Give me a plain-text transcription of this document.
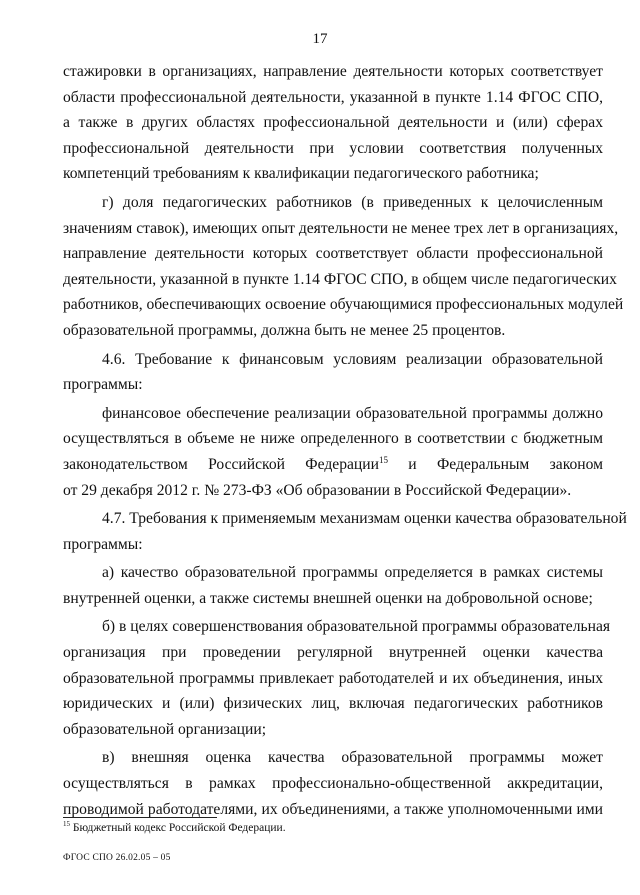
17
стажировки в организациях, направление деятельности которых соответствует
области профессиональной деятельности, указанной в пункте 1.14 ФГОС СПО,
а также в других областях профессиональной деятельности и (или) сферах
профессиональной деятельности при условии соответствия полученных
компетенций требованиям к квалификации педагогического работника;
г) доля педагогических работников (в приведенных к целочисленным
значениям ставок), имеющих опыт деятельности не менее трех лет в организациях,
направление деятельности которых соответствует области профессиональной
деятельности, указанной в пункте 1.14 ФГОС СПО, в общем числе педагогических
работников, обеспечивающих освоение обучающимися профессиональных модулей
образовательной программы, должна быть не менее 25 процентов.
4.6. Требование к финансовым условиям реализации образовательной
программы:
финансовое обеспечение реализации образовательной программы должно
осуществляться в объеме не ниже определенного в соответствии с бюджетным
законодательством Российской Федерации$^{15}$ и Федеральным законом
от 29 декабря 2012 г. № 273-ФЗ «Об образовании в Российской Федерации».
4.7. Требования к применяемым механизмам оценки качества образовательной
программы:
а) качество образовательной программы определяется в рамках системы
внутренней оценки, а также системы внешней оценки на добровольной основе;
б) в целях совершенствования образовательной программы образовательная
организация при проведении регулярной внутренней оценки качества
образовательной программы привлекает работодателей и их объединения, иных
юридических и (или) физических лиц, включая педагогических работников
образовательной организации;
в) внешняя оценка качества образовательной программы может
осуществляться в рамках профессионально-общественной аккредитации,
проводимой работодателями, их объединениями, а также уполномоченными ими
$^{15}$ Бюджетный кодекс Российской Федерации.
ФГОС СПО 26.02.05 – 05
